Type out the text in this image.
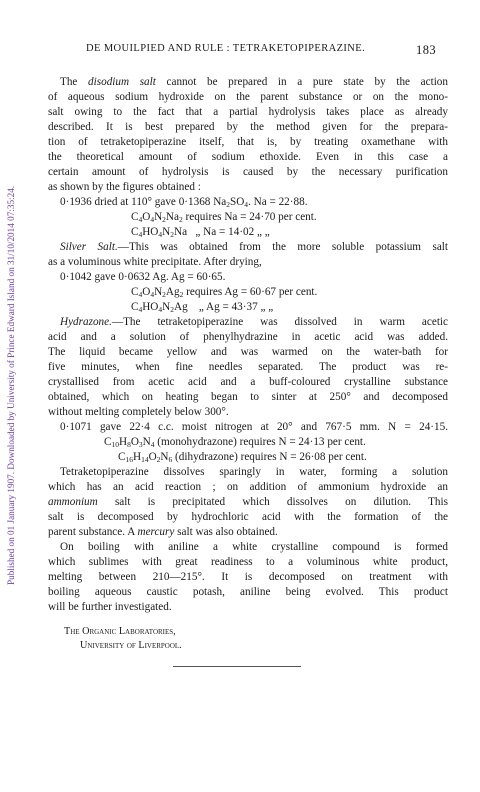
Published on 01 January 1907. Downloaded by University of Prince Edward Island on 31/10/2014 07:35:24.
DE MOUILPIED AND RULE : TETRAKETOPIPERAZINE.	183
The disodium salt cannot be prepared in a pure state by the action
of aqueous sodium hydroxide on the parent substance or on the mono-
salt owing to the fact that a partial hydrolysis takes place as already
described. It is best prepared by the method given for the prepara-
tion of tetraketopiperazine itself, that is, by treating oxamethane with
the theoretical amount of sodium ethoxide. Even in this case a
certain amount of hydrolysis is caused by the necessary purification
as shown by the figures obtained :
0·1936 dried at 110° gave 0·1368 $Na_2SO_4$. Na = 22·88.
$C_4O_4N_2Na_2$ requires Na = 24·70 per cent.
$C_4HO_4N_2Na$   „ Na = 14·02 „ „
Silver Salt.—This was obtained from the more soluble potassium salt
as a voluminous white precipitate. After drying,
0·1042 gave 0·0632 Ag. Ag = 60·65.
$C_4O_4N_2Ag_2$ requires Ag = 60·67 per cent.
$C_4HO_4N_2Ag$    „ Ag = 43·37 „ „
Hydrazone.—The tetraketopiperazine was dissolved in warm acetic
acid and a solution of phenylhydrazine in acetic acid was added.
The liquid became yellow and was warmed on the water-bath for
five minutes, when fine needles separated. The product was re-
crystallised from acetic acid and a buff-coloured crystalline substance
obtained, which on heating began to sinter at 250° and decomposed
without melting completely below 300°.
0·1071 gave 22·4 c.c. moist nitrogen at 20° and 767·5 mm. N = 24·15.
$C_{10}H_8O_3N_4$ (monohydrazone) requires N = 24·13 per cent.
$C_{16}H_{14}O_2N_6$ (dihydrazone) requires N = 26·08 per cent.
Tetraketopiperazine dissolves sparingly in water, forming a solution
which has an acid reaction ; on addition of ammonium hydroxide an
ammonium salt is precipitated which dissolves on dilution. This
salt is decomposed by hydrochloric acid with the formation of the
parent substance. A mercury salt was also obtained.
On boiling with aniline a white crystalline compound is formed
which sublimes with great readiness to a voluminous white product,
melting between 210—215°. It is decomposed on treatment with
boiling aqueous caustic potash, aniline being evolved. This product
will be further investigated.
The Organic Laboratories,
University of Liverpool.
